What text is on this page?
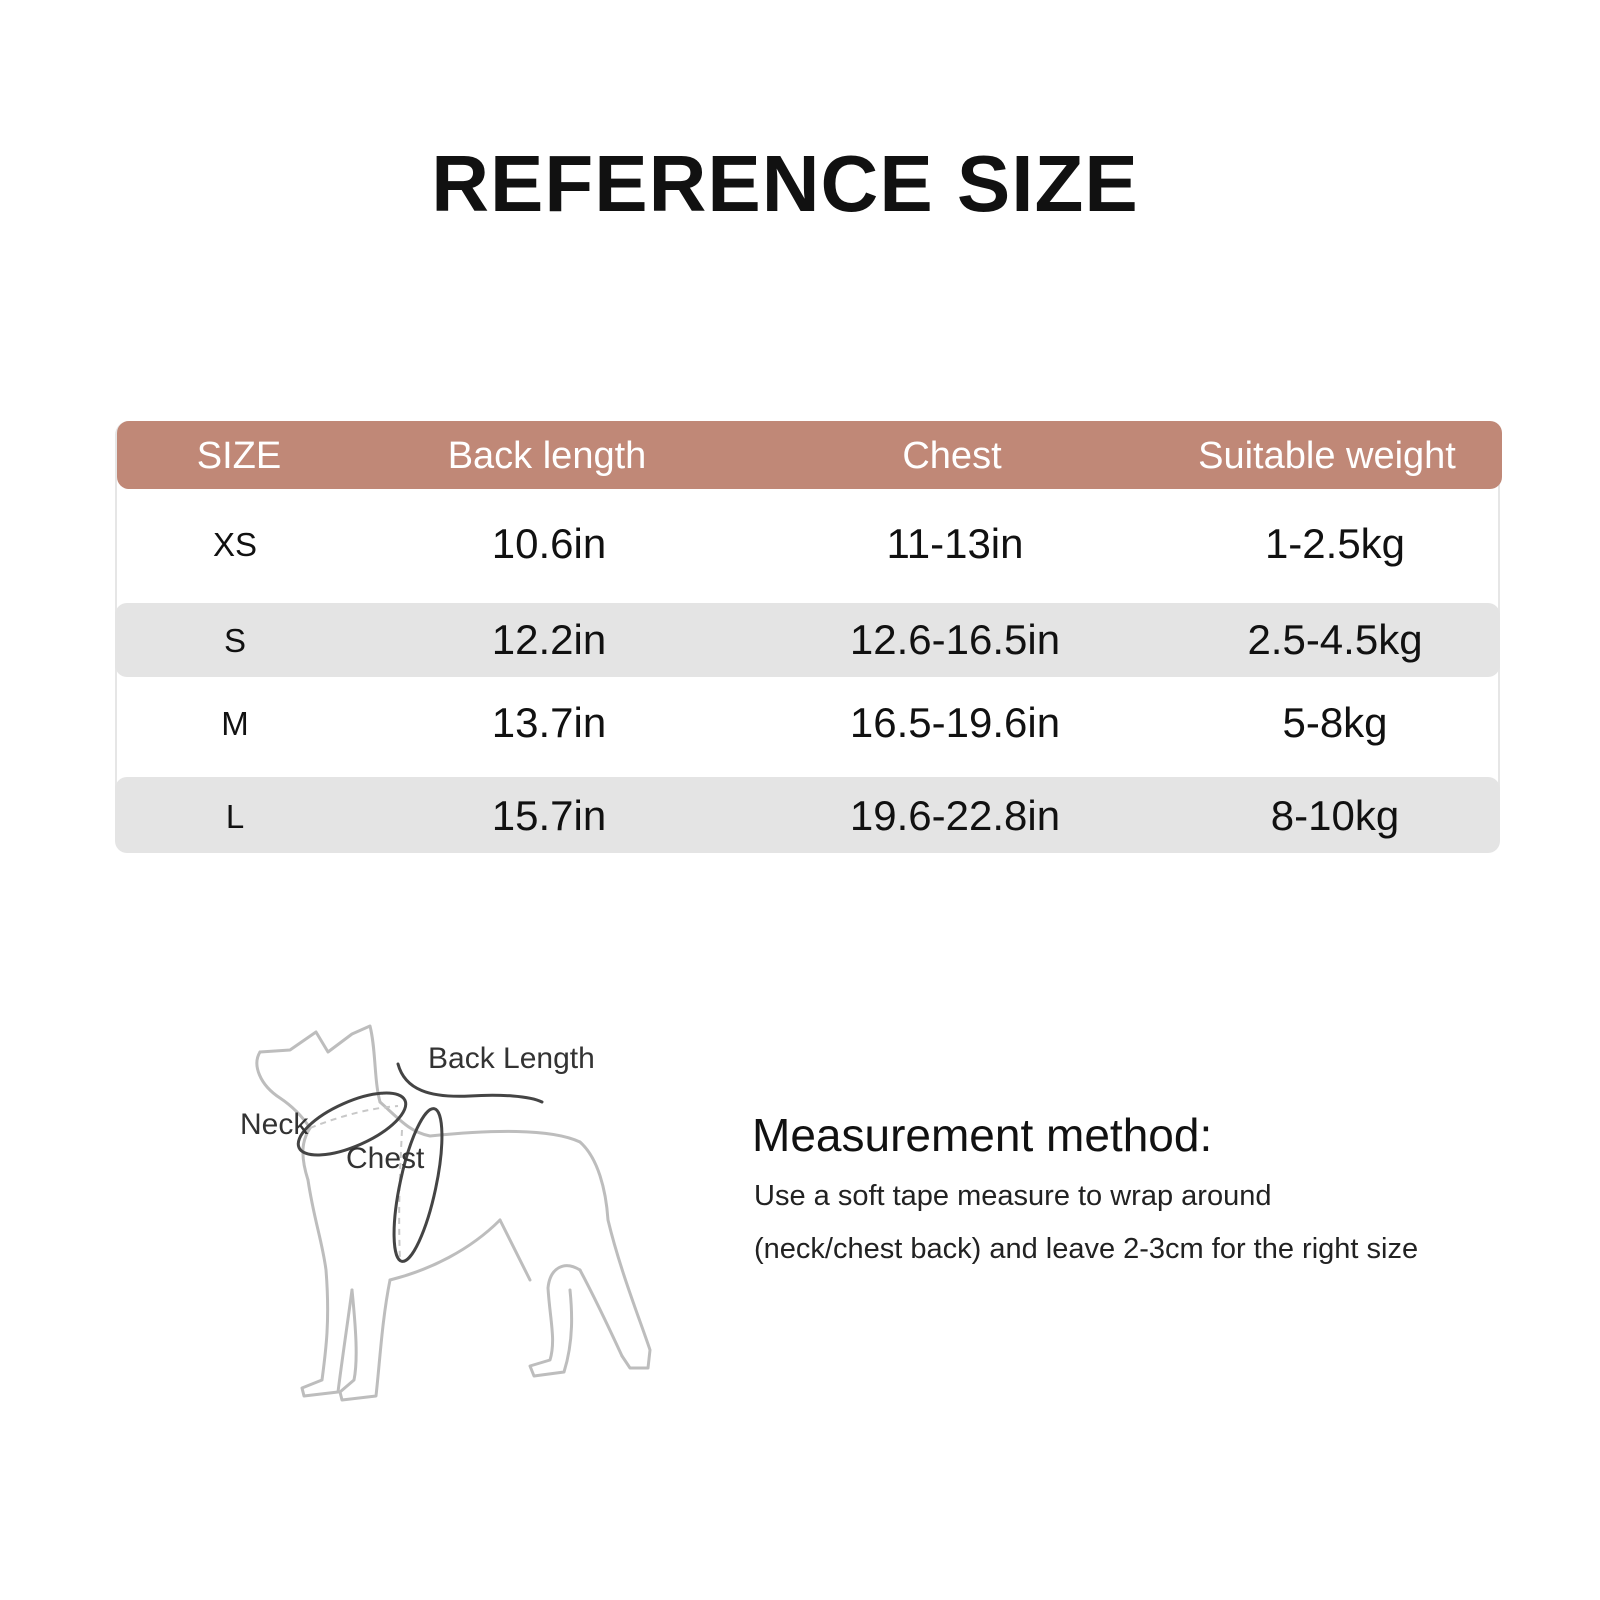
REFERENCE SIZE
SIZE	Back length	Chest	Suitable weight
XS	10.6in	11-13in	1-2.5kg
S	12.2in	12.6-16.5in	2.5-4.5kg
M	13.7in	16.5-19.6in	5-8kg
L	15.7in	19.6-22.8in	8-10kg
Back Length
Neck
Chest	Measurement method:
Use a soft tape measure to wrap around
(neck/chest back) and leave 2-3cm for the right size
